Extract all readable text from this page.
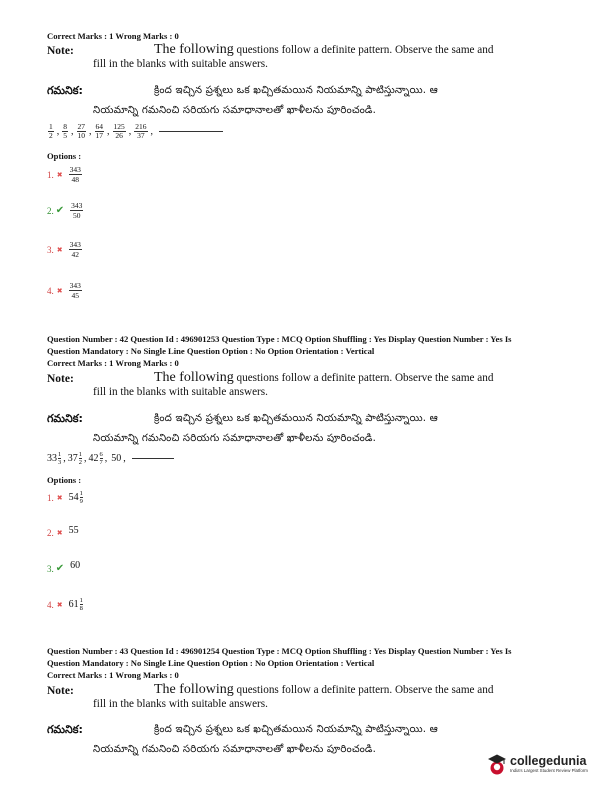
Correct Marks : 1 Wrong Marks : 0
Note:	The following questions follow a definite pattern. Observe the same and
fill in the blanks with suitable answers.
గమనిక:	క్రింద ఇచ్చిన ప్రశ్నలు ఒక ఖచ్చితమయిన నియమాన్ని పాటిస్తున్నాయి. ఆ
నియమాన్ని గమనించి సరియగు సమాధానాలతో ఖాళీలను పూరించండి.
$\frac{1}{2}$ , $\frac{8}{5}$ , $\frac{27}{10}$ , $\frac{64}{17}$ , $\frac{125}{26}$ , $\frac{216}{37}$ ,
Options :
1. ✖
343
48
2. ✔ 343
50
3. ✖
343
42
4. ✖
343
45
Question Number : 42 Question Id : 496901253 Question Type : MCQ Option Shuffling : Yes Display Question Number : Yes Is
Question Mandatory : No Single Line Question Option : No Option Orientation : Vertical
Correct Marks : 1 Wrong Marks : 0
Note:	The following questions follow a definite pattern. Observe the same and
fill in the blanks with suitable answers.
గమనిక:	క్రింద ఇచ్చిన ప్రశ్నలు ఒక ఖచ్చితమయిన నియమాన్ని పాటిస్తున్నాయి. ఆ
నియమాన్ని గమనించి సరియగు సమాధానాలతో ఖాళీలను పూరించండి.
33 1
3 , 37 1
2 , 42 6
7 , 50 ,
Options :
1. ✖ 54 1
9
2. ✖ 55
3. ✔ 60
4. ✖ 61 1
8
Question Number : 43 Question Id : 496901254 Question Type : MCQ Option Shuffling : Yes Display Question Number : Yes Is
Question Mandatory : No Single Line Question Option : No Option Orientation : Vertical
Correct Marks : 1 Wrong Marks : 0
Note:	The following questions follow a definite pattern. Observe the same and
fill in the blanks with suitable answers.
గమనిక:	క్రింద ఇచ్చిన ప్రశ్నలు ఒక ఖచ్చితమయిన నియమాన్ని పాటిస్తున్నాయి. ఆ
నియమాన్ని గమనించి సరియగు సమాధానాలతో ఖాళీలను పూరించండి.
collegedunia
India's Largest Student Review Platform
